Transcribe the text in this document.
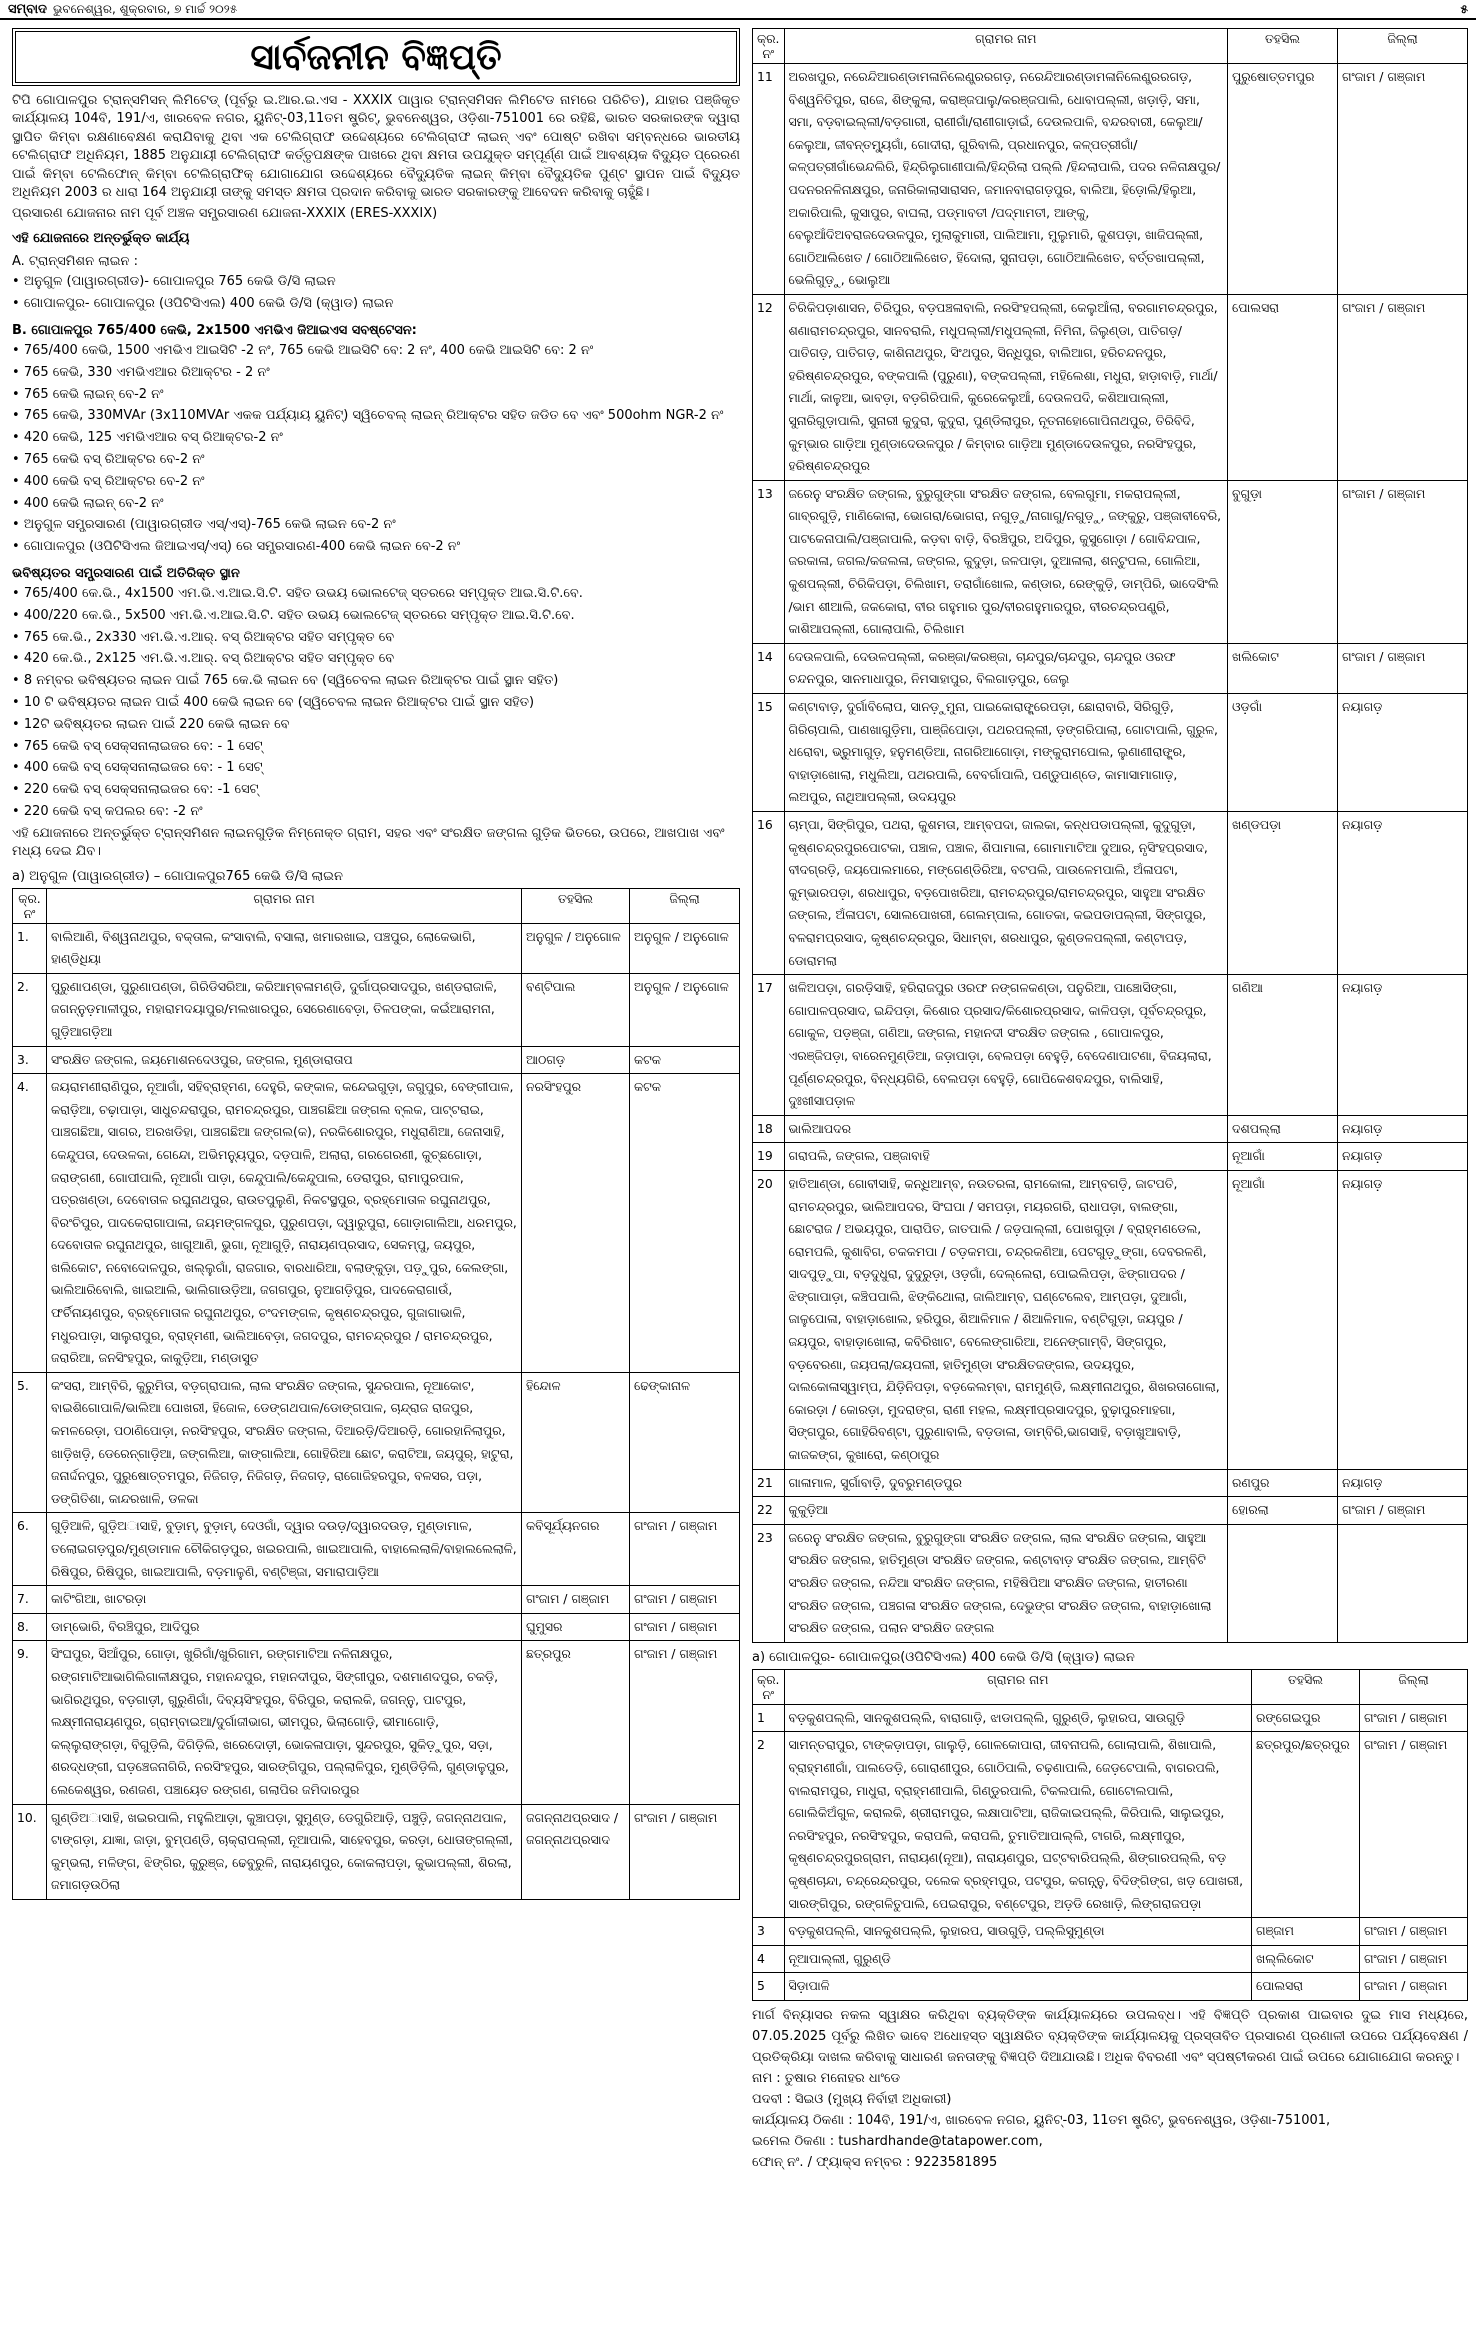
ସମ୍ବାଦ ଭୁବନେଶ୍ୱର, ଶୁକ୍ରବାର, ୭ ମାର୍ଚ୍ଚ ୨୦୨୫	୫
ସାର୍ବଜନୀନ ବିଜ୍ଞପ୍ତି

ଟିପି ଗୋପାଳପୁର ଟ୍ରାନ୍ସମିସନ୍ ଲିମିଟେଡ୍ (ପୂର୍ବରୁ ଇ.ଆର.ଇ.ଏସ - XXXIX ପାୱାର ଟ୍ରାନ୍ସମିସନ ଲିମିଟେଡ ନାମରେ ପରିଚିତ), ଯାହାର ପଞ୍ଜିକୃତ କାର୍ଯ୍ୟାଳୟ 104ବି, 191/ଏ, ଖାରବେଳ ନଗର, ୟୁନିଟ୍-03,11ତମ ଷ୍ଟ୍ରିଟ୍, ଭୁବନେଶ୍ୱର, ଓଡ଼ିଶା-751001 ରେ ରହିଛି, ଭାରତ ସରକାରଙ୍କ ଦ୍ୱାରା ସ୍ଥାପିତ କିମ୍ବା ରକ୍ଷଣାବେକ୍ଷଣ କରାଯିବାକୁ ଥିବା ଏକ ଟେଲିଗ୍ରାଫ ଉଦ୍ଦେଶ୍ୟରେ ଟେଲିଗ୍ରାଫ ଲାଇନ୍ ଏବଂ ପୋଷ୍ଟ ରଖିବା ସମ୍ବନ୍ଧରେ ଭାରତୀୟ ଟେଲିଗ୍ରାଫ ଅଧିନିୟମ, 1885 ଅନୁଯାୟୀ ଟେଲିଗ୍ରାଫ କର୍ତ୍ତୃପକ୍ଷଙ୍କ ପାଖରେ ଥିବା କ୍ଷମତା ଉପଯୁକ୍ତ ସମ୍ପୂର୍ଣ୍ଣ ପାଇଁ ଆବଶ୍ୟକ ବିଦ୍ୟୁତ ପ୍ରେରଣ ପାଇଁ କିମ୍ବା ଟେଲିଫୋନ୍ କିମ୍ବା ଟେଲିଗ୍ରାଫିକ୍ ଯୋଗାଯୋଗ ଉଦ୍ଦେଶ୍ୟରେ ବୈଦ୍ୟୁତିକ ଲାଇନ୍ କିମ୍ବା ବୈଦ୍ୟୁତିକ ପୁଣ୍ଟ ସ୍ଥାପନ ପାଇଁ ବିଦ୍ୟୁତ ଅଧିନିୟମ 2003 ର ଧାରା 164 ଅନୁଯାୟୀ ତାଙ୍କୁ ସମସ୍ତ କ୍ଷମତା ପ୍ରଦାନ କରିବାକୁ ଭାରତ ସରକାରଙ୍କୁ ଆବେଦନ କରିବାକୁ ଚାହୁଁଛି।

ପ୍ରସାରଣ ଯୋଜନାର ନାମ ପୂର୍ବ ଅଞ୍ଚଳ ସମ୍ପ୍ରସାରଣ ଯୋଜନା-XXXIX (ERES-XXXIX)

ଏହି ଯୋଜନାରେ ଅନ୍ତର୍ଭୁକ୍ତ କାର୍ଯ୍ୟ

A. ଟ୍ରାନ୍ସମିଶନ ଲାଇନ :

• ଅନୁଗୁଳ (ପାୱାରଗ୍ରୀଡ)- ଗୋପାଳପୁର 765 କେଭି ଡି/ସି ଲାଇନ
• ଗୋପାଳପୁର- ଗୋପାଳପୁର (ଓପିଟିସିଏଲ) 400 କେଭି ଡି/ସି (କ୍ୱାଡ) ଲାଇନ

B. ଗୋପାଳପୁର 765/400 କେଭି, 2x1500 ଏମଭିଏ ଜିଆଇଏସ ସବଷ୍ଟେସନ:

• 765/400 କେଭି, 1500 ଏମଭିଏ ଆଇସିଟି -2 ନଂ, 765 କେଭି ଆଇସିଟି ବେ: 2 ନଂ, 400 କେଭି ଆଇସିଟି ବେ: 2 ନଂ
• 765 କେଭି, 330 ଏମଭିଏଆର ରିଆକ୍ଟର - 2 ନଂ
• 765 କେଭି ଲାଇନ୍ ବେ-2 ନଂ
• 765 କେଭି, 330MVAr (3x110MVAr ଏକକ ପର୍ଯ୍ୟାୟ ୟୁନିଟ୍) ସ୍ୱିଚେବଲ୍ ଲାଇନ୍ ରିଆକ୍ଟର ସହିତ ଜଡିତ ବେ ଏବଂ 500ohm NGR-2 ନଂ
• 420 କେଭି, 125 ଏମଭିଏଆର ବସ୍ ରିଆକ୍ଟର-2 ନଂ
• 765 କେଭି ବସ୍ ରିଆକ୍ଟର ବେ-2 ନଂ
• 400 କେଭି ବସ୍ ରିଆକ୍ଟର ବେ-2 ନଂ
• 400 କେଭି ଲାଇନ୍ ବେ-2 ନଂ
• ଅନୁଗୁଳ ସମ୍ପ୍ରସାରଣ (ପାୱାରଗ୍ରୀଡ ଏସ୍/ଏସ୍)-765 କେଭି ଲାଇନ ବେ-2 ନଂ
• ଗୋପାଳପୁର (ଓପିଟିସିଏଲ ଜିଆଇଏସ୍/ଏସ୍) ରେ ସମ୍ପ୍ରସାରଣ-400 କେଭି ଲାଇନ ବେ-2 ନଂ

ଭବିଷ୍ୟତର ସମ୍ପ୍ରସାରଣ ପାଇଁ ଅତିରିକ୍ତ ସ୍ଥାନ

• 765/400 କେ.ଭି., 4x1500 ଏମ.ଭି.ଏ.ଆଇ.ସି.ଟି. ସହିତ ଉଭୟ ଭୋଲଟେଜ୍ ସ୍ତରରେ ସମ୍ପୃକ୍ତ ଆଇ.ସି.ଟି.ବେ.
• 400/220 କେ.ଭି., 5x500 ଏମ.ଭି.ଏ.ଆଇ.ସି.ଟି. ସହିତ ଉଭୟ ଭୋଲଟେଜ୍ ସ୍ତରରେ ସମ୍ପୃକ୍ତ ଆଇ.ସି.ଟି.ବେ.
• 765 କେ.ଭି., 2x330 ଏମ.ଭି.ଏ.ଆର୍. ବସ୍ ରିଆକ୍ଟର ସହିତ ସମ୍ପୃକ୍ତ ବେ
• 420 କେ.ଭି., 2x125 ଏମ.ଭି.ଏ.ଆର୍. ବସ୍ ରିଆକ୍ଟର ସହିତ ସମ୍ପୃକ୍ତ ବେ
• 8 ନମ୍ବର ଭବିଷ୍ୟତର ଲାଇନ ପାଇଁ 765 କେ.ଭି ଲାଇନ ବେ (ସ୍ୱିଚେବଲ ଲାଇନ ରିଆକ୍ଟର ପାଇଁ ସ୍ଥାନ ସହିତ)
• 10 ଟି ଭବିଷ୍ୟତର ଲାଇନ ପାଇଁ 400 କେଭି ଲାଇନ ବେ (ସ୍ୱିଚେବଲ ଲାଇନ ରିଆକ୍ଟର ପାଇଁ ସ୍ଥାନ ସହିତ)
• 12ଟି ଭବିଷ୍ୟତର ଲାଇନ ପାଇଁ 220 କେଭି ଲାଇନ ବେ
• 765 କେଭି ବସ୍ ସେକ୍ସନାଲାଇଜର ବେ: - 1 ସେଟ୍
• 400 କେଭି ବସ୍ ସେକ୍ସନାଲାଇଜର ବେ: - 1 ସେଟ୍
• 220 କେଭି ବସ୍ ସେକ୍ସନାଲାଇଜର ବେ: -1 ସେଟ୍
• 220 କେଭି ବସ୍ କପଲର ବେ: -2 ନଂ

ଏହି ଯୋଜନାରେ ଅନ୍ତର୍ଭୁକ୍ତ ଟ୍ରାନ୍ସମିଶନ ଲାଇନଗୁଡ଼ିକ ନିମ୍ନୋକ୍ତ ଗ୍ରାମ, ସହର ଏବଂ ସଂରକ୍ଷିତ ଜଙ୍ଗଲ ଗୁଡ଼ିକ ଭିତରେ, ଉପରେ, ଆଖପାଖ ଏବଂ ମଧ୍ୟ ଦେଇ ଯିବ।

a) ଅନୁଗୁଳ (ପାୱାରଗ୍ରୀଡ) – ଗୋପାଳପୁର765 କେଭି ଡି/ସି ଲାଇନ

କ୍ର. ନଂ	ଗ୍ରାମର ନାମ	ତହସିଲ	ଜିଲ୍ଲା
1.	ବାଲିଆଣି, ବିଶ୍ୱନାଥପୁର, ବକ୍ତାଲ, କଂସାବାଲି, ବସାଲା, ଖମାରଖାଇ, ପଞ୍ଚପୁର, ଲୋକେଭାଗି, ହାଣ୍ଡିଧିୟା	ଅନୁଗୁଳ / ଅନୁଗୋଳ	ଅନୁଗୁଳ / ଅନୁଗୋଳ
2.	ପୁରୁଣାପଣ୍ଡା, ପୁରୁଣାପଣ୍ଡା, ଗିରିଡିସରିଆ, କରିଆମ୍ବଳାମଣ୍ଡି, ଦୁର୍ଗାପ୍ରସାଦପୁର, ଖଣ୍ଡରାଜାଳି, ଜଗନ୍ନୁଡ଼ମାଳୀପୁର, ମହାରାମଦୟାପୁର/ମଲଖାରପୁର, ସେରେଣାବେଡ଼ା, ତିଳପଙ୍କା, କଇଁଆରାମନା, ଗୁଡ଼ିଆଗଡ଼ିଆ	ବଣ୍ଟିପାଲ	ଅନୁଗୁଳ / ଅନୁଗୋଳ
3.	ସଂରକ୍ଷିତ ଜଙ୍ଗଲ, ଜୟମୋଶନଦେଓପୁର, ଜଙ୍ଗଲ, ମୁଣ୍ଡାରାତାପ	ଆଠଗଡ଼	କଟକ
4.	ଜୟରାମଣୀରାଣିପୁର, ନୂଆଗାଁ, ସହିବ୍ରାହ୍ମଣ, ଦେହୁରି, କଙ୍କାଳ, କନ୍ଦେଇଗୁଡ଼ା, ଜଗୁପୁର, ବେଙ୍ଗୀପାଳ, କରାଡ଼ିଆ, ଚଢ଼ାପାଡ଼ା, ସାଧୁଚନ୍ଦରାପୁର, ରାମଚନ୍ଦ୍ରପୁର, ପାଞ୍ଚଗଛିଆ ଜଙ୍ଗଲ ବ୍ଲକ, ପାଟ୍ଟରାଇ, ପାଞ୍ଚଗଛିଆ, ସାଗର, ଅରଖଡିହା, ପାଞ୍ଚଗଛିଆ ଜଙ୍ଗଲ(କ), ନରକିଶୋରପୁର, ମଧୁରାଣିଆ, ଜେନାସାହି, କେନ୍ଦୁପତା, ଦେଉଳକା, ଗେନ୍ଦୋ, ଅଭିମନ୍ୟୁପୁର, ଦଡ଼ପାଳି, ଅଲାରା, ଗରଗେରଣୀ, କୁଚ୍ଛଗୋଡ଼ା, ଜରାଙ୍ଗଣୀ, ଗୋପୀପାଲି, ନୂଆଗାଁ ପାଡ଼ା, କେନ୍ଦୁପାଲି/କେନ୍ଦୁପାଲ, ଡେରାପୁର, ରାମାପୁରପାଳ, ପତ୍ରଖଣ୍ଡା, ଦେବୋତାଳ ରଘୁନାଥପୁର, ରାଉତପୁଲୁଣି, ନିକଟସ୍ଥପୁର, ବ୍ରହ୍ମୋତାଳ ରଘୁନାଥପୁର, ବିରଂଚିପୁର, ପାଦକେରାଗାପାଳା, ଜୟମଙ୍ଗଳପୁର, ପୁରୁଣପଡ଼ା, ଦ୍ୱାରୁପୁରା, ଗୋଡ଼ାଗାଲିଆ, ଧରମପୁର, ଦେବୋତାଳ ରଘୁନାଥପୁର, ଖାଗୁଆଣି, ଭୁଗା, ନୂଆଗୁଡ଼ି, ନାରାୟଣପ୍ରସାଦ, ସେକମ୍ପୁ, ଜୟପୁର, ଖଲିକୋଟ, ନବୋଦୋଳପୁର, ଖଲ୍ଲୁଗାଁ, ରାଜଗାର, ବାରଧାରିଆ, ବଲାଙ୍କୁଡ଼ା, ପଡ଼ୁପୁର, କେଲଙ୍ଗା, ଭାଲିଆରିବୋଲି, ଖାଇଆଲି, ଭାଲିଗାଉଡ଼ିଆ, ଜଗଗପୁର, ନୁଆଗଡ଼ିପୁର, ପାଦକେରାଗାଉଁ, ଫର୍ଚିନାୟଣପୁର, ବ୍ରହ୍ମୋତାଳ ରଘୁନାଥପୁର, ଚଂଦମଙ୍ଗଳ, କୃଷ୍ଣଚନ୍ଦ୍ରପୁର, ଗୁଜାଗାଭାଳି, ମଧୁରପାଡ଼ା, ସାଲୁରାପୁର, ବ୍ରାହ୍ମଣୀ, ଭାଲିଆବେଡ଼ା, ଜଗଦପୁର, ରାମଚନ୍ଦ୍ରପୁର / ରାମଚନ୍ଦ୍ରପୁର, ଜରାରିଆ, ଜନସିଂହପୁର, କାକୁଡ଼ିଆ, ମଣ୍ଡାସୁତ	ନରସିଂହପୁର	କଟକ
5.	କଂସରା, ଆମ୍ବିରି, କୁରୁମିତା, ବଡ଼ଗ୍ରାପାଲ, ଲାଲ ସଂରକ୍ଷିତ ଜଙ୍ଗଲ, ସୁନ୍ଦରପାଲ, ନୂଆକୋଟ, ବାଇଶିଗୋପାଳି/ଭାଲିଆ ପୋଖରୀ, ହିଜୋଳ, ଡେଙ୍ଗଥପାଳ/ଡୋଙ୍ଗପାଳ, ଚାନ୍ଦ୍ରାଜ ରାଜପୁର, କମଳରେଡ଼ା, ପଠାଣିପୋଡ଼ା, ନରସିଂହପୁର, ସଂରକ୍ଷିତ ଜଙ୍ଗଲ, ଦିଆରଡ଼ି/ଦିଆରଡ଼ି, ଗୋରହାନିଲାପୁର, ଖାଡ଼ିଖଡ଼ି, ଡେରେନ୍‌ଗାଡ଼ିଆ, ଜଙ୍ଗଲିଆ, କାଙ୍ଗାଲିଆ, ଗୋହିରିଆ ଛୋଟ, କରାଟିଆ, ଜୟପୁର୍‌, ହାଟୁରା, ଜନାର୍ଦ୍ଦନପୁର, ପୁରୁଷୋତ୍ତମପୁର, ନିଜିଗଡ଼, ନିଜିଗଡ଼, ନିଜଗଡ଼, ରାଗୋଜିହରପୁର, ବଳସର, ପଡ଼ା, ଡଙ୍ଗିତିଶା, କାନ୍ଦରଖାଳି, ଡଳକା	ହିନ୍ଦୋଳ	ଢେଙ୍କାନାଳ
6.	ଗୁଡ଼ିଆଳି, ଗୁଡ଼ିଅାସାହି, ବୁଡ଼ାମ୍, ବୁଡ଼ାମ୍, ଦେଓଗାଁ, ଦ୍ୱାର ଦଉଡ଼/ଦ୍ୱାରଦଉଡ଼, ମୁଣ୍ଡାମାଳ, ତଲୋଇଗଡ଼ପୁର/ମୁଣ୍ଡାମାଳ ଚୌକିଗଡ଼ପୁର, ଖଇରପାଲି, ଖାଇଆପାଲି, ବାହାଲେଲାଳି/ବାହାଲଲେଲାଳି, ରିଷିପୁର, ରିଷିପୁର, ଖାଇଆପାଲି, ବଡ଼ମାଳୁଣି, ବଣ୍ଟିଞ୍ଜା, ସମାରାପାଡ଼ିଆ	କବିସୂର୍ଯ୍ୟନଗର	ଗଂଜାମ / ଗଞ୍ଜାମ
7.	କାଟିଂଗିଆ, ଖାଟରଡ଼ା	ଗଂଜାମ / ଗଞ୍ଜାମ	ଗଂଜାମ / ଗଞ୍ଜାମ
8.	ଡାମ୍ଭୋରି, ବିରଞ୍ଚିପୁର, ଆଦିପୁର	ଘୁମୁସର	ଗଂଜାମ / ଗଞ୍ଜାମ
9.	ସିଂଘପୁର, ସିଆଁପୁର, ଗୋଡ଼ା, ଖୁରିଗାଁ/ଖୁରିଗାମ, ରଙ୍ଗମାଟିଆ ନଳିନାକ୍ଷପୁର, ରଙ୍ଗମାଟିଆଭାଗିଲିଗାଳୀକ୍ଷପୁର, ମହାନନ୍ଦପୁର, ମହାନଦୀପୁର, ସିଙ୍ଗୀପୁର, ଦଶମାଣଦପୁର, ଚକଡ଼ି, ଭାଗିରଥିପୁର, ବଡ଼ଗାଡ଼ୀ, ଗୁରୁଣିଗାଁ, ଦିବ୍ୟସିଂହପୁର, ବିରିପୁର, କରାଲକି, ଜଗନ୍ନୁ, ପାଟପୁର, ଲକ୍ଷ୍ମୀନାରାୟଣପୁର, ଗ୍ରାମ୍ବାଇଆ/ଦୁର୍ଗାଜୀଭାଗ, ଭୀମପୁର, ଭିଲାଗୋଡ଼ି, ଭୀମାଗୋଡ଼ି, କଲ୍ଲୁରାଙ୍ଗଡ଼ା, ବିଗୁଡ଼ିଲି, ଦିଗିଡ଼ିଲି, ଖରେଦୋଡ଼ୀ, ଭୋକଳାପାଡ଼ା, ସୁନ୍ଦରପୁର, ସୁକିଡ଼ୁପୁର, ସଡ଼ା, ଶରଦ୍ଧଙ୍ଗୀ, ଘଡ଼ଞ୍ଚେଜନାଗିରି, ନରସିଂହପୁର, ସାରଙ୍ଗିପୁର, ପଲ୍ଲାଳିପୁର, ମୁଣ୍ଡିଡ଼ିଲି, ଗୁଣ୍ଡାଳୁପୁର, ଲେକେଶ୍ୱର, ରଣଜଣ, ପଞ୍ଚାୟେତ ରଙ୍ଗଣ, ଗଲାପିର ଜମିଦାରପୁର	ଛତ୍ରପୁର	ଗଂଜାମ / ଗଞ୍ଜାମ
10.	ଗୁଣ୍ଡିଅାସାହି, ଖଇରପାଲି, ମହୁଲିଆଡ଼ା, କୁଞ୍ଚାପଡ଼ା, ସୁମୁଣ୍ଡ, ଡେଗୁରିଆଡ଼ି, ପଞ୍ଚୁଡ଼ି, ଜଗନ୍ନାଥପାଳ, ଟାଙ୍ଗଡ଼ା, ଯାଜ୍ଞା, ଜାଡ଼ା, ବୁମ୍ପଣ୍ଡି, ଚାକ୍ରାପଲ୍ଲୀ, ନୂଆପାଲି, ସାହେବପୁର, କରଡ଼ା, ଧୋତାଙ୍ଗଲ୍ଲୀ, କୁମ୍ଭଲା, ମଳିଙ୍ଗ, ଝିଙ୍ଗିର, କୁରୁଞ୍ଜ, ଢେବୁରୁଳି, ନାରାୟଣପୁର, କୋକଲାପଡ଼ା, କୁଭାପଲ୍ଲୀ, ଶିରଲା, ଜମାଗଡ଼ଉଠିଲା	ଜଗନ୍ନାଥପ୍ରସାଦ / ଜଗନ୍ନାଥପ୍ରସାଦ	ଗଂଜାମ / ଗଞ୍ଜାମ
କ୍ର. ନଂ	ଗ୍ରାମର ନାମ	ତହସିଲ	ଜିଲ୍ଲା
11	ଅରଖପୁର, ନରେନ୍ଦିଆରଣ୍ଡାମଳାନିଲେଣ୍ଡ୍ରରଗଡ଼, ନରେନ୍ଦିଆରଣ୍ଡାମଳାନିଲେଣ୍ଡ୍ରରଗଡ଼, ବିଶ୍ୱନିତିପୁର, ରାଜେ, ଶିଙ୍କୁଲା, କରାଞ୍ଜପାଲୁ/କରଞ୍ଜପାଲି, ଧୋବାପଲ୍ଲୀ, ଖଡ଼ାଡ଼ି, ସମା, ସମା, ବଡ଼ବାଇଲ୍ଲୀ/ବଡ଼ଗାରୀ, ରାଣୀଗାଁ/ରାଣୀଗାଡ଼ାଇଁ, ଦେଉଲପାଳି, ବନ୍ଦରବାରୀ, କେଲୁଆ/କେଲୁଆ, ଜୀବନ୍ତମ୍ୟୁଗାଁ, ଗୋଦୀରା, ଗୁରିବାଲି, ପ୍ରଧାନପୁର, କଳ୍ପତ୍ରୀଗାଁ/କଳ୍ପତ୍ରୀଗାଁଭେନ୍ଦଲିରି, ହିନ୍ଦ୍ରିଲୁଗାଣୀପାଲି/ହିନ୍ଦ୍ରିଲା ପଲ୍ଲି /ହିନ୍ଦଲାପାଲି, ପଦର ନଳିନାକ୍ଷପୁର/ପଦନରନଳିନାକ୍ଷପୁର, ଜନାରିକାଲାସାରାସନ, ଜମାନବାରାଗଡ଼ପୁର, ବାଲିଆ, ହିଡ଼ୋଲି/ହିଲୁଆ, ଅକାରିପାଲି, କୁସାପୁର, ବାଘଲା, ପଡ୍ମାବତୀ /ପଦ୍ମାମତୀ, ଆଙ୍କୁ, ବେଲୁଆଁଦିଅବରାଜଦେଉଳପୁର, ମୁଲାକୁମାରୀ, ପାଲିଆମା, ମୁଲୁମାରି, କୁଶପଡ଼ା, ଖାଜିପଲ୍ଲୀ, ଗୋଠିଆଲିଖେତ / ଗୋଠିଆଲିଖେତ, ହିଦୋଲା, ସୁନାପଡ଼ା, ଗୋଠିଆଲିଖେତ, ବର୍ତ୍ତଖାପଲ୍ଲୀ, ଭେଲିଗୁଡ଼ୁ, ଭୋଲୁଆ	ପୁରୁଷୋତ୍ତମପୁର	ଗଂଜାମ / ଗଞ୍ଜାମ
12	ଚିରିକିପଡ଼ାଶାସନ, ଚିରିପୁର, ବଡ଼ପଞ୍ଚଳାବାଲି, ନରସିଂହପଲ୍ଲୀ, କେଲୁଆଁଲା, ବରଗାମଚନ୍ଦ୍ରପୁର, ଶଣାରାମଚନ୍ଦ୍ରପୁର, ସାନବରାଲି, ମଧୁପଲ୍ଲୀ/ମଧୁପଲ୍ଲୀ, ନିମିନା, ଜିଲୁଣ୍ଡା, ପାତିଗଡ଼/ପାତିଗଡ଼, ପାତିଗଡ଼, କାଶିନାଥପୁର, ସିଂଥପୁର, ସିନ୍ଧିପୁର, ବାଲିଆଗ, ହରିଚନ୍ଦନପୁର, ହରିଷ୍ଣଚନ୍ଦ୍ରପୁର, ବଙ୍କପାଲି (ପୁରୁଣା), ବଙ୍କପଲ୍ଲୀ, ମହିଲେଶା, ମଧୁରା, ହାଡ଼ାବାଡ଼ି, ମାର୍ଥା/ମାର୍ଥା, କାଳୁଆ, ଭାବଡ଼ା, ବଡ଼ଗିରିପାଳି, କୁରେକେଲୁଆଁ, ଦେଉଳପଦି, କଶିଆପାଲ୍ଲୀ, ସୁନାରିଗୁଡ଼ାପାଲି, ସୁନାରୀ କୁଦୁରା, କୁଦୁରା, ପୁଣ୍ଡିଲାପୁର, ନୂତନାହୋଗୋପିନାଥପୁର, ତିରିବିଦି, କୁମ୍ଭାର ଗାଡ଼ିଆ ମୁଣ୍ଡାଦେଉଳପୁର / କିମ୍ବାର ଗାଡ଼ିଆ ମୁଣ୍ଡାଦେଉଳପୁର, ନରସିଂହପୁର, ହରିଷ୍ଣଚନ୍ଦ୍ରପୁର	ପୋଲସରା	ଗଂଜାମ / ଗଞ୍ଜାମ
13	ଜରେନୁ ସଂରକ୍ଷିତ ଜଙ୍ଗଲ, ବୁରୁଗୁଙ୍ଗା ସଂରକ୍ଷିତ ଜଙ୍ଗଲ, ବେଲଗୁମା, ମକରାପଲ୍ଲୀ, ଗାବ୍ରଗୁଡ଼ି, ମାଣିକୋଲା, ଭୋଗରା/ଭୋଗରା, ନଗୁଡ଼ୁ/ନାଗାଗୁ/ନଗୁଡ଼ୁ, ଜଙ୍କୁରୁ, ପଞ୍ଜାବୀବେରି, ପାଟକେନାପାଲି/ପଞ୍ଜାପାଲି, କଡ଼ବା ବାଡ଼ି, ବିରଞ୍ଚିପୁର, ଅଦିପୁର, କୁସୁଗୋଡ଼ା / ଗୋବିନ୍ଦପାଳ, ଜରକାଳା, ଜଗଲ/କଜଲଳା, ଜଙ୍ଗଲ, କୁଦୁଡ଼ା, ଜଳପାଡ଼ା, ଦୁଆଳାଲା, ଶନ୍ଟୁପଲ, ଗୋଲିଆ, କୁଶପଲ୍ଲୀ, ଚିରିକିପଡ଼ା, ଚିଲିଖାମ, ତରାଗାଁଖୋଲ, କଣ୍ଡାର, ରେଙ୍କୁଡ଼ି, ଡାମ୍ପିରି, ଭାଦେସିଂଲି /ଭାମ ଶୀଆଲି, ଜକକୋରା, ବୀର ଗହୁମାର ପୁର/ବୀରଗହୁମାରପୁର, ବୀରଚନ୍ଦ୍ରପଣ୍ଡ୍ରି, କାଶିଆପଲ୍ଲୀ, ଗୋଲାପାଲି, ଚିଲିଖାମ	ବୁଗୁଡ଼ା	ଗଂଜାମ / ଗଞ୍ଜାମ
14	ଦେଉଳପାଲି, ଦେଉଳପଲ୍ଲୀ, କରଞ୍ଜା/କରଞ୍ଜା, ଚାନ୍ଦପୁର/ଚାନ୍ଦପୁର, ଚାନ୍ଦପୁର ଓରଫ ଚନ୍ଦନପୁର, ସାନମାଧାପୁର, ନିମସାହାପୁର, ବିଲଗାଡ଼ପୁର, ଜେଲୁ	ଖଲିକୋଟ	ଗଂଜାମ / ଗଞ୍ଜାମ
15	କଣ୍ଟାବାଡ଼, ଦୁର୍ଗାବିଲୋପ, ସାନଡ଼ୁମୁନା, ପାଇକୋରାଙ୍ଗ୍ରେପଡ଼ା, ଛୋରାବାରି, ସିରିଗୁଡ଼ି, ଗିରିଚାପାଲି, ପାଣଖାଗୁଡ଼ିମା, ପାଞ୍ଜିପୋଡ଼ା, ପଥରପଲ୍ଲୀ, ଡ଼ଙ୍ଗରିପାଲା, ଗୋଟାପାଲି, ଗୁରୁଳ, ଧରୋବା, ଭ୍ରୁମାଗୁଡ଼, ହନୁମଣ୍ଡିଆ, ନାଗରିଆଗୋଡ଼ା, ମଙ୍କୁରାମପୋଲ, ଲୁଣାଣୀରାଙ୍ଗ୍ର, ବାହାଡ଼ାଖୋଲା, ମଧୁଲିଆ, ପଥରପାଲି, ବେବର୍ଗାପାଲି, ପଣ୍ଡୁପାଣ୍ଡେ, କାମାସାମାଗାଡ଼, ଲଅପୁର, ନାଥିଆପଲ୍ଲୀ, ଉଦୟପୁର	ଓଡ଼ଗାଁ	ନୟାଗଡ଼
16	ଚାମ୍ପା, ସିଙ୍ଗିପୁର, ପଥରା, କୁଶମତା, ଆମ୍ବପଦା, ଜାଲକା, କନ୍ଧପଡାପଲ୍ଲୀ, କୁଦୁଗୁଡ଼ା, କୃଷ୍ଣଚନ୍ଦ୍ରପୁରପୋଟକା, ପଞ୍ଚାଳ, ପଞ୍ଚାଳ, ଶିପାମାଳା, ଗୋମାମାଟିଆ ଦୁଆର, ନୃସିଂହପ୍ରସାଦ, ବୀଦଗ୍ରଡ଼ି, ଜୟପୋଲମାରେ, ମଙ୍ଗେଣ୍ଡିରିଆ, ବଟପଲି, ପାଉଳେମପାଲି, ଅଁଳାପଟା, କୁମ୍ଭାରପଡ଼ା, ଶରଧାପୁର, ବଡ଼ପୋଖରିଆ, ରାମଚନ୍ଦ୍ରପୁର/ରାମଚନ୍ଦ୍ରପୁର, ସାହୁଆ ସଂରକ୍ଷିତ ଜଙ୍ଗଲ, ଅଁଳାପଟା, ସୋଲପୋଖରୀ, ଗେଲମ୍ପାଲ, ଗୋତକା, କଇପଡାପଲ୍ଲୀ, ସିଙ୍ଗପୁର, ବଳରାମପ୍ରସାଦ, କୃଷ୍ଣଚନ୍ଦ୍ରପୁର, ସିଧାମ୍ବା, ଶରଧାପୁର, କୁଣ୍ଡଳପଲ୍ଲୀ, କଣ୍ଟାପଡ଼, ଡୋରାମଲା	ଖଣ୍ଡପଡ଼ା	ନୟାଗଡ଼
17	ଖଳିଅପଡ଼ା, ଗରଡ଼ିସାହି, ହରିରାଜପୁର ଓରଫ ନଙ୍ଗଳକଣ୍ଡା, ପନୁରିଆ, ପାଞ୍ଚୋସିଙ୍ଗା, ଗୋପାଳପ୍ରସାଦ, ଇନ୍ଦିପଡ଼ା, କିଶୋର ପ୍ରସାଦ/କିଶୋରପ୍ରସାଦ, କାଳିପଡ଼ା, ପୂର୍ବଚନ୍ଦ୍ରପୁର, ଗୋକୁଳ, ପଡ଼ଞ୍ଜା, ଗଣିଆ, ଜଙ୍ଗଲ, ମହାନଦୀ ସଂରକ୍ଷିତ ଜଙ୍ଗଲ , ଗୋପାଳପୁର, ଏରଞ୍ଜିପଡ଼ା, ବାରେନମୁଣ୍ଡିଆ, ଜଡ଼ାପାଡ଼ା, ବେଲପଡ଼ା ବେହୁଡ଼ି, ବେଦେଣାପାଟଣା, ବିଜୟଲାରା, ପୂର୍ଣ୍ଣଚନ୍ଦ୍ରପୁର, ବିନ୍ଧ୍ୟଗିରି, ବେଲପଡ଼ା ବେହୁଡ଼ି, ଗୋପିକେଶବନ୍ଦପୁର, ବାଲିସାହି, ଦୁଃଖୀସାପଡ଼ାଳ	ଗଣିଆ	ନୟାଗଡ଼
18	ଭାଲିଆପଦର	ଦଶପଲ୍ଲା	ନୟାଗଡ଼
19	ଗରାପଲି, ଜଙ୍ଗଲ, ପଞ୍ଜାବାହି	ନୂଆଗାଁ	ନୟାଗଡ଼
20	ହାତିଆଣ୍ଡା, ଗୋବୀସାହି, କନ୍ଧିଆମ୍ବ, ନଉତରଳା, ରାମକୋଳା, ଆମ୍ବଗଡ଼ି, ଜାଟପତି, ରାମଚନ୍ଦ୍ରପୁର, ଭାଲିଆପଦର, ସିଂଘପା / ସମପଡ଼ା, ମୟରଗରି, ରାଧାପଡ଼ା, ବାଲଙ୍ଗା, ଛୋଟରାଜ / ଅଭୟପୁର, ପାରାପିତ, ଜାତପାଲି / ଜଡ଼ପାଲ୍ଲୀ, ପୋଖଗୁଡ଼ା / ବ୍ରାହ୍ମଣଡେଲ, ରୋମପଲି, କୁଶାବିଗ, ଚକକମପା / ଚଡ଼କମପା, ଚନ୍ଦ୍ରକଣିଆ, ପେଟଗୁଡ଼ୁଙ୍ଗା, ଦେବରଳଣି, ସାଦପୁଡ଼ୁପା, ବଡ଼ଦୁଧୁରା, ଦୁଦୁରୁଡ଼ା, ଓଡ଼ଗାଁ, ଦେଲ୍ଲେରା, ପୋଇଲିପଡ଼ା, ଝିଙ୍ଗାପଦର / ଝିଙ୍ଗାପାଡ଼ା, କଞ୍ଚିପପାଲି, ଝିଙ୍କିଥୋଲା, ଜାଲିଆମ୍ବ, ଘଣ୍ଟେଲେବ, ଆମ୍ପଡ଼ା, ଦୁଆଗାଁ, ଜାଳୁପୋଳା, ବାହାଡ଼ାଖୋଲ, ହରିପୁର, ଶିଆଳିମାଳ / ଶିଆଳିମାଳ, ବଣ୍ଟିଗୁଡ଼ା, ଜୟପୁର / ଜୟପୁର, ବାହାଡ଼ାଖୋଲା, କବିରିଖାଟ, ବେଲେଙ୍ଗାରିଆ, ଅନେଙ୍ଗାମ୍ବି, ସିଙ୍ଗପୁର, ବଡ଼ବେରଣା, ଜୟପଲା/ଜୟପଲୀ, ହାତିମୁଣ୍ଡା ସଂରକ୍ଷିତଜଙ୍ଗଲ, ଉଦୟପୁର, ଦାଲକୋଳାସ୍ୱାମ୍ପ, ଯିଡ଼ିନିପଡ଼ା, ବଡ଼କେଲମ୍ବା, ରାମମୁଣ୍ଡି, ଲକ୍ଷ୍ମୀନାଥପୁର, ଶିଖରତାଗୋଲା, କୋରଡ଼ା / କୋରଡ଼ା, ମୁଦରାଙ୍ଗ, ରାଣୀ ମହଲ, ଲକ୍ଷ୍ମୀପ୍ରସାଦପୁର, ବୁଢ଼ାପୁରମାହଗା, ସିଙ୍ଗପୁର, ଗୋହିରିବଣ୍ଟା, ପୁରୁଣାବାଲି, ବଡ଼ଡାଳା, ଡାମ୍ବିରି,ଭାଗସାହି, ବଡ଼ାଖୁଆବାଡ଼ି, କାଜକଙ୍ଗ, କୁଖାରୋ, କଣ୍ଠାପୁର	ନୂଆଗାଁ	ନୟାଗଡ଼
21	ଗାଳାମାଳ, ସୁର୍ଗାବାଡ଼ି, ଦୁବରୁମଣ୍ଡପୁର	ରଣପୁର	ନୟାଗଡ଼
22	କୁକୁଡ଼ିଆ	ହୋରଲା	ଗଂଜାମ / ଗଞ୍ଜାମ
23	ଜରେନୁ ସଂରକ୍ଷିତ ଜଙ୍ଗଲ, ବୁରୁଗୁଙ୍ଗା ସଂରକ୍ଷିତ ଜଙ୍ଗଲ, ଲାଲ ସଂରକ୍ଷିତ ଜଙ୍ଗଲ, ସାହୁଆ ସଂରକ୍ଷିତ ଜଙ୍ଗଲ, ହାତିମୁଣ୍ଡା ସଂରକ୍ଷିତ ଜଙ୍ଗଲ, କଣ୍ଟାବାଡ଼ ସଂରକ୍ଷିତ ଜଙ୍ଗଲ, ଆମ୍ବିଟି ସଂରକ୍ଷିତ ଜଙ୍ଗଲ, ନନ୍ଦିଆ ସଂରକ୍ଷିତ ଜଙ୍ଗଲ, ମହିଷିପିଆ ସଂରକ୍ଷିତ ଜଙ୍ଗଲ, ହାତୀରଣା ସଂରକ୍ଷିତ ଜଙ୍ଗଲ, ପଞ୍ଚଗଳା ସଂରକ୍ଷିତ ଜଙ୍ଗଲ, ଦେଭୁଙ୍ଗ ସଂରକ୍ଷିତ ଜଙ୍ଗଲ, ବାହାଡ଼ାଖୋଲା ସଂରକ୍ଷିତ ଜଙ୍ଗଲ, ପଲାନ ସଂରକ୍ଷିତ ଜଙ୍ଗଲ		

a) ଗୋପାଳପୁର- ଗୋପାଳପୁର(ଓପିଟିସିଏଲ) 400 କେଭି ଡି/ସି (କ୍ୱାଡ) ଲାଇନ

କ୍ର. ନଂ	ଗ୍ରାମର ନାମ	ତହସିଲ	ଜିଲ୍ଲା
1	ବଡ଼କୁଶପଲ୍ଲି, ସାନକୁଶପଲ୍ଲି, ବାରାଗାଡ଼ି, ଝାଡାପଲ୍ଲି, ଗୁରୁଣ୍ଡି, ଲୁହାରପ, ସାଉଗୁଡ଼ି	ରଙ୍ଗେଇପୁର	ଗଂଜାମ / ଗଞ୍ଜାମ
2	ସାମନ୍ତରାପୁର, ଟାଙ୍କଡ଼ାପଡ଼ା, ଗାଲୁଡ଼ି, ଗୋଳକୋପାରା, ଜୀବନାପଲି, ଗୋଲାପାଲି, ଶିଖାପାଲି, ବ୍ରାହ୍ମଣୀଗାଁ, ପାଲଡେଡ଼ି, ଗୋରାଣୀପୁର, ଗୋଠିପାଲି, ଚଢ଼ଣାପାଲି, ଜେଡ଼ଟେପାଲି, ବାଗରପଲି, ବାଲରାମପୁର, ମାଧୁରା, ବ୍ରାହ୍ମଣୀପାଲି, ଗିଣ୍ଡୁରପାଲି, ଟିକଲପାଲି, ଗୋଟୋଲପାଲି, ଗୋଲିକିଅଁଗୁଳ, କରାଲକି, ଶ୍ରୀରାମପୁର, ଲକ୍ଷାପାଟିଆ, ରାଜିକାଇପଲ୍ଲି, କିରିପାଲି, ସାଲୁଇପୁର, ନରସିଂହପୁର, ନରସିଂହପୁର, କରାପଲି, କରାପଲି, ତୁମାତିଆପାଲ୍ଲି, ଟାଗରି, ଲକ୍ଷ୍ମୀପୁର, କୃଷ୍ଣଚନ୍ଦ୍ରପୁରଗ୍ରାମ, ନାରାୟଣ(ନୂଆ), ନାରାୟଣପୁର, ଘଟ୍ଟବାରିପଲ୍ଲି, ଶିଙ୍ଗାରପଲ୍ଲି, ବଡ଼ କୃଷ୍ଣଚାନ୍ଦା, ଚନ୍ଦ୍ରେନ୍ଦ୍ରପୁର, ଦଲେକ ବ୍ରହ୍ମପୁର, ପଟପୁର, କଗନ୍ନ୍ନୁ, ବିଦିଙ୍ଗିଙ୍ଗ, ଖଡ଼ ପୋଖରୀ, ସାରଙ୍ଗିପୁର, ରଙ୍ଗଳିତୁପାଲି, ପେଇରାପୁର, ବଣ୍ଟେପୁର, ଅଡ଼ଡି ରେଖାଡ଼ି, ଲିଙ୍ଗରାଜପଡ଼ା	ଛତ୍ରପୁର/ଛତ୍ରପୁର	ଗଂଜାମ / ଗଞ୍ଜାମ
3	ବଡ଼କୁଶପଲ୍ଲି, ସାନକୁଶପଲ୍ଲି, ଲୁହାରପ, ସାଉଗୁଡ଼ି, ପଲ୍ଲିସୁମୁଣ୍ଡା	ଗଞ୍ଜାମ	ଗଂଜାମ / ଗଞ୍ଜାମ
4	ନୂଆପାଲ୍ଲୀ, ଗୁରୁଣ୍ଡି	ଖଲ୍ଲିକୋଟ	ଗଂଜାମ / ଗଞ୍ଜାମ
5	ସିଡ଼ାପାଳି	ପୋଲସରା	ଗଂଜାମ / ଗଞ୍ଜାମ
ମାର୍ଗ ବିନ୍ୟାସର ନକଲ ସ୍ୱାକ୍ଷର କରିଥିବା ବ୍ୟକ୍ତିଙ୍କ କାର୍ଯ୍ୟାଳୟରେ ଉପଲବ୍ଧ। ଏହି ବିଜ୍ଞପ୍ତି ପ୍ରକାଶ ପାଇବାର ଦୁଇ ମାସ ମଧ୍ୟରେ, 07.05.2025 ପୂର୍ବରୁ ଲିଖିତ ଭାବେ ଅଧୋହସ୍ତ ସ୍ୱାକ୍ଷରିତ ବ୍ୟକ୍ତିଙ୍କ କାର୍ଯ୍ୟାଳୟକୁ ପ୍ରସ୍ତାବିତ ପ୍ରସାରଣ ପ୍ରଣାଳୀ ଉପରେ ପର୍ଯ୍ୟବେକ୍ଷଣ / ପ୍ରତିକ୍ରିୟା ଦାଖଲ କରିବାକୁ ସାଧାରଣ ଜନତାଙ୍କୁ ବିଜ୍ଞପ୍ତି ଦିଆଯାଉଛି। ଅଧିକ ବିବରଣୀ ଏବଂ ସ୍ପଷ୍ଟୀକରଣ ପାଇଁ ଉପରେ ଯୋଗାଯୋଗ କରନ୍ତୁ।
ନାମ : ତୁଷାର ମନୋହର ଧାଂଡେ
ପଦବୀ : ସିଇଓ (ମୁଖ୍ୟ ନିର୍ବାହୀ ଅଧିକାରୀ)
କାର୍ଯ୍ୟାଳୟ ଠିକଣା : 104ବି, 191/ଏ, ଖାରବେଳ ନଗର, ୟୁନିଟ୍-03, 11ତମ ଷ୍ଟ୍ରିଟ୍, ଭୁବନେଶ୍ୱର, ଓଡ଼ିଶା-751001,
ଇମେଲ ଠିକଣା : tushardhande@tatapower.com,
ଫୋନ୍ ନଂ. / ଫ୍ୟାକ୍ସ ନମ୍ବର : 9223581895
